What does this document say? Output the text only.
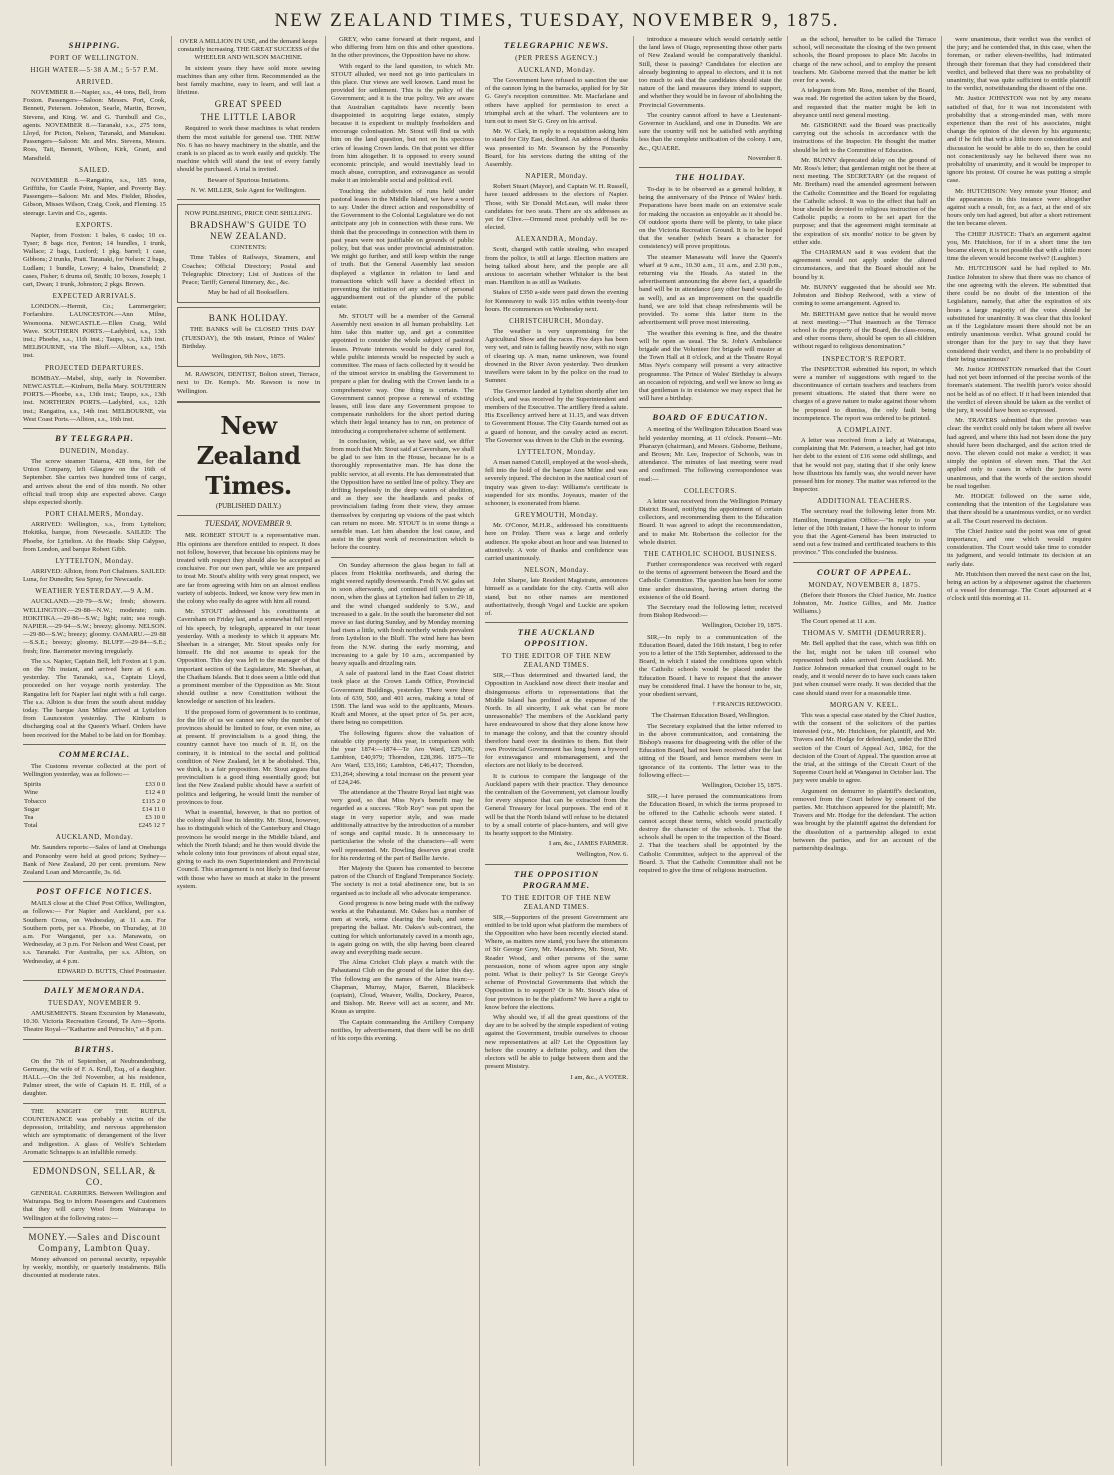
NEW ZEALAND TIMES, TUESDAY, NOVEMBER 9, 1875.
SHIPPING.
PORT OF WELLINGTON.
HIGH WATER—5·38 A.M.; 5·57 P.M.
ARRIVED.

NOVEMBER 8.—Napier, s.s., 44 tons, Bell, from Foxton. Passengers—Saloon: Messrs. Port, Cook, Bennett, Petersen. Johnston, Searle, Martin, Brown, Stevens, and King. W. and G. Turnbull and Co., agents. NOVEMBER 8.—Taranaki, s.s., 275 tons, Lloyd, for Picton, Nelson, Taranaki, and Manukau. Passengers—Saloon: Mr. and Mrs. Stevens, Messrs. Ross, Tait, Bennett, Wilson, Kirk, Grant, and Mansfield.

SAILED.

NOVEMBER 8.—Rangatira, s.s., 185 tons, Griffiths, for Castle Point, Napier, and Poverty Bay. Passengers—Saloon: Mr. and Mrs. Fielder, Rhodes, Gibson, Misses Wilson, Craig, Cook, and Fleming. 15 steerage. Levin and Co., agents.

EXPORTS.

Napier, from Foxton: 1 bales, 6 casks; 10 cs. Tyser; 8 bags rice, Fenton; 14 bundles, 1 trunk, Wallace; 2 bags, Luxford; 1 pkg. barrel; 1 case, Gibbons; 2 trunks, Pratt. Taranaki, for Nelson: 2 bags, Ludlam; 1 bundle, Lowry; 4 bales, Dransfield; 2 cases, Fisher; 6 drums oil, Smith; 10 boxes, Joseph; 1 cart, Dwan; 1 trunk, Johnston; 2 pkgs. Brown.

EXPECTED ARRIVALS.

LONDON.—Hermit, Co.; Lammergeier; Forfarshire. LAUNCESTON.—Ann Milne, Woonoona. NEWCASTLE.—Ellen Craig, Wild Wave. SOUTHERN PORTS.—Ladybird, s.s., 13th inst.; Phoebe, s.s., 11th inst.; Taupo, s.s., 12th inst. MELBOURNE, via The Bluff.—Albion, s.s., 15th inst.

PROJECTED DEPARTURES.

BOMBAY.—Mabel, ship, early in November. NEWCASTLE.—Kinburn, Bella Mary. SOUTHERN PORTS.—Phoebe, s.s., 13th inst.; Taupo, s.s., 13th inst. NORTHERN PORTS.—Ladybird, s.s., 12th inst.; Rangatira, s.s., 14th inst. MELBOURNE, via West Coast Ports.—Albion, s.s., 16th inst.

BY TELEGRAPH.
DUNEDIN, Monday.

The screw steamer Taiaroa, 428 tons, for the Union Company, left Glasgow on the 16th of September. She carries two hundred tons of cargo, and arrives about the end of this month. No other official trail troop ship are expected above. Cargo ships expected shortly.

PORT CHALMERS, Monday.

ARRIVED: Wellington, s.s., from Lyttelton; Hokitika, barque, from Newcastle. SAILED: The Phoebe, for Lyttelton. At the Heads: Ship Calypso, from London, and barque Robert Gibb.

LYTTELTON, Monday.

ARRIVED: Albion, from Port Chalmers. SAILED: Luna, for Dunedin; Sea Spray, for Newcastle.

WEATHER YESTERDAY.—9 A.M.

AUCKLAND.—29·79—S.W.; fresh; showers. WELLINGTON.—29·88—N.W.; moderate; rain. HOKITIKA.—29·86—S.W.; light; rain; sea rough. NAPIER.—29·94—S.W.; breezy; gloomy. NELSON.—29·80—S.W.; breezy; gloomy. OAMARU.—29·88—S.S.E.; breezy; gloomy. BLUFF.—29·84—S.E.; fresh; fine. Barometer moving irregularly.

The s.s. Napier, Captain Bell, left Foxton at 1 p.m. on the 7th instant, and arrived here at 6 a.m. yesterday. The Taranaki, s.s., Captain Lloyd, proceeded on her voyage north yesterday. The Rangatira left for Napier last night with a full cargo. The s.s. Albion is due from the south about midday today. The barque Ann Milne arrived at Lyttelton from Launceston yesterday. The Kinburn is discharging coal at the Queen's Wharf. Orders have been received for the Mabel to be laid on for Bombay.

COMMERCIAL.

The Customs revenue collected at the port of Wellington yesterday, was as follows:—

Spirits	£33 0 0
Wine	£12 4 0
Tobacco	£115 2 0
Sugar	£14 11 0
Tea	£3 10 0
Total	£245 12 7
AUCKLAND, Monday.

Mr. Saunders reports:—Sales of land at Onehunga and Ponsonby were held at good prices; Sydney—Bank of New Zealand, 20 per cent. premium. New Zealand Loan and Mercantile, 3s. 6d.

POST OFFICE NOTICES.

MAILS close at the Chief Post Office, Wellington, as follows:— For Napier and Auckland, per s.s. Southern Cross, on Wednesday, at 11 a.m. For Southern ports, per s.s. Phoebe, on Thursday, at 10 a.m. For Wanganui, per s.s. Manawatu, on Wednesday, at 3 p.m. For Nelson and West Coast, per s.s. Taranaki. For Australia, per s.s. Albion, on Wednesday, at 4 p.m.

EDWARD D. BUTTS, Chief Postmaster.
DAILY MEMORANDA.
TUESDAY, NOVEMBER 9.

AMUSEMENTS. Steam Excursion by Manawatu, 10.30. Victoria Recreation Ground, Te Aro—Sports. Theatre Royal—"Katharine and Petruchio," at 8 p.m.

BIRTHS.

On the 7th of September, at Neubrandenburg, Germany, the wife of F. A. Krull, Esq., of a daughter. HALL.—On the 3rd November, at his residence, Palmer street, the wife of Captain H. E. Hill, of a daughter.

THE KNIGHT OF THE RUEFUL COUNTENANCE was probably a victim of the depression, irritability, and nervous apprehension which are symptomatic of derangement of the liver and indigestion. A glass of Wolfe's Schiedam Aromatic Schnapps is an infallible remedy.

EDMONDSON, SELLAR, & CO.

GENERAL CARRIERS. Between Wellington and Wairarapa. Beg to inform Passengers and Customers that they will carry Wool from Wairarapa to Wellington at the following rates:—

MONEY.—Sales and Discount Company, Lambton Quay.

Money advanced on personal security, repayable by weekly, monthly, or quarterly instalments. Bills discounted at moderate rates.

OVER A MILLION IN USE, and the demand keeps constantly increasing. THE GREAT SUCCESS of the WHEELER AND WILSON MACHINE.

In sixteen years they have sold more sewing machines than any other firm. Recommended as the best family machine, easy to learn, and will last a lifetime.

GREAT SPEED
THE LITTLE LABOR

Required to work these machines is what renders them the most suitable for general use. THE NEW No. 6 has no heavy machinery in the shuttle, and the crank is so placed as to work easily and quickly. The machine which will stand the test of every family should be purchased. A trial is invited.

Beware of Spurious Imitations.
N. W. MILLER, Sole Agent for Wellington.
NOW PUBLISHING, PRICE ONE SHILLING.
BRADSHAW'S GUIDE TO NEW ZEALAND.
CONTENTS:

Time Tables of Railways, Steamers, and Coaches; Official Directory; Postal and Telegraphic Directory; List of Justices of the Peace; Tariff; General Itinerary, &c., &c.

May be had of all Booksellers.
BANK HOLIDAY.

THE BANKS will be CLOSED THIS DAY (TUESDAY), the 9th instant, Prince of Wales' Birthday.

Wellington, 9th Nov., 1875.

M. RAWSON, DENTIST, Bolton street, Terrace, next to Dr. Kemp's. Mr. Rawson is now in Wellington.

New Zealand Times.
(PUBLISHED DAILY.)
TUESDAY, NOVEMBER 9.

MR. ROBERT STOUT is a representative man. His opinions are therefore entitled to respect. It does not follow, however, that because his opinions may be treated with respect they should also be accepted as conclusive. For our own part, while we are prepared to treat Mr. Stout's ability with very great respect, we are far from agreeing with him on an almost endless variety of subjects. Indeed, we know very few men in the colony who really do agree with him all round.

Mr. STOUT addressed his constituents at Caversham on Friday last, and a somewhat full report of his speech, by telegraph, appeared in our issue yesterday. With a modesty to which it appears Mr. Sheehan is a stranger, Mr. Stout speaks only for himself. He did not assume to speak for the Opposition. This day was left to the manager of that important section of the Legislature, Mr. Sheehan, at the Chatham Islands. But it does seem a little odd that a prominent member of the Opposition as Mr. Stout should outline a new Constitution without the knowledge or sanction of his leaders.

If the proposed form of government is to continue, for the life of us we cannot see why the number of provinces should be limited to four, or even nine, as at present. If provincialism is a good thing, the country cannot have too much of it. If, on the contrary, it is inimical to the social and political condition of New Zealand, let it be abolished. This, we think, is a fair proposition. Mr. Stout argues that provincialism is a good thing essentially good; but lest the New Zealand public should have a surfeit of politics and ledgering, he would limit the number of provinces to four.

What is essential, however, is that no portion of the colony shall lose its identity. Mr. Stout, however, has to distinguish which of the Canterbury and Otago provinces he would merge in the Middle Island, and which the North Island; and he then would divide the whole colony into four provinces of about equal size, giving to each its own Superintendent and Provincial Council. This arrangement is not likely to find favour with those who have so much at stake in the present system.

GREY, who came forward at their request, and who differing from him on this and other questions. In the other provinces, the Opposition have no show.

With regard to the land question, to which Mr. STOUT alluded, we need not go into particulars in this place. Our views are well known. Land must be provided for settlement. This is the policy of the Government; and it is the true policy. We are aware that Australian capitalists have recently been disappointed in acquiring large estates, simply because it is expedient to multiply freeholders and encourage colonisation. Mr. Stout will find us with him on the land question, but not on his specious cries of leasing Crown lands. On that point we differ from him altogether. It is opposed to every sound economic principle, and would inevitably lead to much abuse, corruption, and extravagance as would make it an intolerable social and political evil.

Touching the subdivision of runs held under pastoral leases in the Middle Island, we have a word to say. Under the direct action and responsibility of the Government to the Colonial Legislature we do not anticipate any job in connection with these runs. We think that the proceedings in connection with them in past years were not justifiable on grounds of public policy, but that was under provincial administration. We might go further, and still keep within the range of truth. But the General Assembly last session displayed a vigilance in relation to land and transactions which will have a decided effect in preventing the initiation of any scheme of personal aggrandisement out of the plunder of the public estate.

Mr. STOUT will be a member of the General Assembly next session in all human probability. Let him take this matter up, and get a committee appointed to consider the whole subject of pastoral leases. Private interests would be duly cared for, while public interests would be respected by such a committee. The mass of facts collected by it would be of the utmost service in enabling the Government to prepare a plan for dealing with the Crown lands in a comprehensive way. One thing is certain. The Government cannot propose a renewal of existing leases, still less dare any Government propose to compensate runholders for the short period during which their legal tenancy has to run, on pretence of introducing a comprehensive scheme of settlement.

In conclusion, while, as we have said, we differ from much that Mr. Stout said at Caversham, we shall be glad to see him in the House, because he is a thoroughly representative man. He has done the public service, at all events. He has demonstrated that the Opposition have no settled line of policy. They are drifting hopelessly in the deep waters of abolition, and as they see the headlands and peaks of provincialism fading from their view, they amuse themselves by conjuring up visions of the past which can return no more. Mr. STOUT is in some things a sensible man. Let him abandon the lost cause, and assist in the great work of reconstruction which is before the country.

On Sunday afternoon the glass began to fall at places from Hokitika northwards, and during the night veered rapidly downwards. Fresh N.W. gales set in soon afterwards, and continued till yesterday at noon, when the glass at Lyttelton had fallen to 29·18, and the wind changed suddenly to S.W., and increased to a gale. In the south the barometer did not move so fast during Sunday, and by Monday morning had risen a little, with fresh northerly winds prevalent from Lyttelton to the Bluff. The wind here has been from the N.W. during the early morning, and increasing to a gale by 10 a.m., accompanied by heavy squalls and drizzling rain.

A sale of pastoral land in the East Coast district took place at the Crown Lands Office, Provincial Government Buildings, yesterday. There were three lots of 639, 500, and 401 acres, making a total of 1598. The land was sold to the applicants, Messrs. Kraft and Moore, at the upset price of 5s. per acre, there being no competition.

The following figures show the valuation of rateable city property this year, in comparison with the year 1874:—1874—Te Aro Ward, £29,306; Lambton, £40,979; Thorndon, £28,396. 1875—Te Aro Ward, £33,166; Lambton, £46,417; Thorndon, £31,264; showing a total increase on the present year of £24,246.

The attendance at the Theatre Royal last night was very good, so that Miss Nye's benefit may be regarded as a success. "Rob Roy" was put upon the stage in very superior style, and was made additionally attractive by the introduction of a number of songs and capital music. It is unnecessary to particularise the whole of the characters—all were well represented. Mr. Dowling deserves great credit for his rendering of the part of Baillie Jarvie.

Her Majesty the Queen has consented to become patron of the Church of England Temperance Society. The society is not a total abstinence one, but is so organised as to include all who advocate temperance.

Good progress is now being made with the railway works at the Pahautanui. Mr. Oakes has a number of men at work, some clearing the bush, and some preparing the ballast. Mr. Oakes's sub-contract, the cutting for which unfortunately caved in a month ago, is again going on with, the slip having been cleared away and everything made secure.

The Alma Cricket Club plays a match with the Pahautanui Club on the ground of the latter this day. The following are the names of the Alma team:—Chapman, Murray, Major, Barrett, Blackbeck (captain), Cloud, Weaver, Wallis, Dockery, Pearce, and Bishop. Mr. Reeve will act as scorer, and Mr. Kraus as umpire.

The Captain commanding the Artillery Company notifies, by advertisement, that there will be no drill of his corps this evening.

TELEGRAPHIC NEWS.
(PER PRESS AGENCY.)
AUCKLAND, Monday.

The Government have refused to sanction the use of the cannon lying in the barracks, applied for by Sir G. Grey's reception committee. Mr. Macfarlane and others have applied for permission to erect a triumphal arch at the wharf. The volunteers are to turn out to meet Sir G. Grey on his arrival.

Mr. W. Clark, in reply to a requisition asking him to stand for City East, declined. An address of thanks was presented to Mr. Swanson by the Ponsonby Board, for his services during the sitting of the Assembly.

NAPIER, Monday.

Robert Stuart (Mayor), and Captain W. H. Russell, have issued addresses to the electors of Napier. Those, with Sir Donald McLean, will make three candidates for two seats. There are six addresses as yet for Clive.—Ormond most probably will be re-elected.

ALEXANDRA, Monday.

Scott, charged with cattle stealing, who escaped from the police, is still at large. Election matters are being talked about here, and the people are all anxious to ascertain whether Whitaker is the best man. Hamilton is as still as Waikato.

Stakes of £350 a-side were paid down the evening for Kenneavey to walk 115 miles within twenty-four hours. He commences on Wednesday next.

CHRISTCHURCH, Monday.

The weather is very unpromising for the Agricultural Show and the races. Five days has been very wet, and rain is falling heavily now, with no sign of clearing up. A man, name unknown, was found drowned in the River Avon yesterday. Two drunken travellers were taken in by the police on the road to Sumner.

The Governor landed at Lyttelton shortly after ten o'clock, and was received by the Superintendent and members of the Executive. The artillery fired a salute. His Excellency arrived here at 11.15, and was driven to Government House. The City Guards turned out as a guard of honour, and the cavalry acted as escort. The Governor was driven to the Club in the evening.

LYTTELTON, Monday.

A man named Cutcill, employed at the wool-sheds, fell into the hold of the barque Ann Milne and was severely injured. The decision in the nautical court of inquiry was given to-day: Williams's certificate is suspended for six months. Joyeaux, master of the schooner, is exonerated from blame.

GREYMOUTH, Monday.

Mr. O'Conor, M.H.R., addressed his constituents here on Friday. There was a large and orderly audience. He spoke about an hour and was listened to attentively. A vote of thanks and confidence was carried unanimously.

NELSON, Monday.

John Sharpe, late Resident Magistrate, announces himself as a candidate for the city. Curtis will also stand, but no other names are mentioned authoritatively, though Vogel and Luckie are spoken of.

THE AUCKLAND OPPOSITION.
TO THE EDITOR OF THE NEW ZEALAND TIMES.

SIR,—Thus determined and thwarted land, the Opposition in Auckland now direct their insular and disingenuous efforts to representations that the Middle Island has profited at the expense of the North. In all sincerity, I ask what can be more unreasonable? The members of the Auckland party have endeavoured to show that they alone know how to manage the colony, and that the country should therefore hand over its destinies to them. But their own Provincial Government has long been a byword for extravagance and mismanagement, and the electors are not likely to be deceived.

It is curious to compare the language of the Auckland papers with their practice. They denounce the centralism of the Government, yet clamour loudly for every sixpence that can be extracted from the General Treasury for local purposes. The end of it will be that the North Island will refuse to be dictated to by a small coterie of place-hunters, and will give its hearty support to the Ministry.

I am, &c., JAMES FARMER.
Wellington, Nov. 6.
THE OPPOSITION PROGRAMME.
TO THE EDITOR OF THE NEW ZEALAND TIMES.

SIR,—Supporters of the present Government are entitled to be told upon what platform the members of the Opposition who have been recently elected stand. Where, as matters now stand, you have the utterances of Sir George Grey, Mr. Macandrew, Mr. Stout, Mr. Reader Wood, and other persons of the same persuasion, none of whom agree upon any single point. What is their policy? Is Sir George Grey's scheme of Provincial Governments that which the Opposition is to support? Or is Mr. Stout's idea of four provinces to be the platform? We have a right to know before the elections.

Why should we, if all the great questions of the day are to be solved by the simple expedient of voting against the Government, trouble ourselves to choose new representatives at all? Let the Opposition lay before the country a definite policy, and then the electors will be able to judge between them and the present Ministry.

I am, &c., A VOTER.

introduce a measure which would certainly settle the land laws of Otago, representing those other parts of New Zealand would be comparatively thankful. Still, these is passing? Candidates for election are already beginning to appeal to electors, and it is not too much to ask that the candidates should state the nature of the land measures they intend to support, and whether they would be in favour of abolishing the Provincial Governments.

The country cannot afford to have a Lieutenant-Governor in Auckland, and one in Dunedin. We are sure the country will not be satisfied with anything less than the complete unification of the colony. I am, &c., QUAERE.

November 8.
THE HOLIDAY.

To-day is to be observed as a general holiday, it being the anniversary of the Prince of Wales' birth. Preparations have been made on an extensive scale for making the occasion as enjoyable as it should be. Of outdoor sports there will be plenty, to take place on the Victoria Recreation Ground. It is to be hoped that the weather (which bears a character for consistency) will prove propitious.

The steamer Manawatu will leave the Queen's wharf at 9 a.m., 10.30 a.m., 11 a.m., and 2.30 p.m., returning via the Heads. As stated in the advertisement announcing the above fact, a quadrille band will be in attendance (any other band would do as well), and as an improvement on the quadrille band, we are told that cheap refreshments will be provided. To some this latter item in the advertisement will prove most interesting.

The weather this evening is fine, and the theatre will be open as usual. The St. John's Ambulance brigade and the Volunteer fire brigade will muster at the Town Hall at 8 o'clock, and at the Theatre Royal Miss Nye's company will present a very attractive programme. The Prince of Wales' Birthday is always an occasion of rejoicing, and well we know so long as that gentleman is in existence we may expect that he will have a birthday.

BOARD OF EDUCATION.

A meeting of the Wellington Education Board was held yesterday morning, at 11 o'clock. Present—Mr. Pharazyn (chairman), and Messrs. Gisborne, Bethune, and Brown; Mr. Lee, Inspector of Schools, was in attendance. The minutes of last meeting were read and confirmed. The following correspondence was read:—

COLLECTORS.

A letter was received from the Wellington Primary District Board, notifying the appointment of certain collectors, and recommending them to the Education Board. It was agreed to adopt the recommendation, and to make Mr. Robertson the collector for the whole district.

THE CATHOLIC SCHOOL BUSINESS.

Further correspondence was received with regard to the terms of agreement between the Board and the Catholic Committee. The question has been for some time under discussion, having arisen during the existence of the old Board.

The Secretary read the following letter, received from Bishop Redwood:—

Wellington, October 19, 1875.

SIR,—In reply to a communication of the Education Board, dated the 16th instant, I beg to refer you to a letter of the 15th September, addressed to the Board, in which I stated the conditions upon which the Catholic schools would be placed under the Education Board. I have to request that the answer may be considered final. I have the honour to be, sir, your obedient servant,

† FRANCIS REDWOOD.
The Chairman Education Board, Wellington.

The Secretary explained that the letter referred to in the above communication, and containing the Bishop's reasons for disagreeing with the offer of the Education Board, had not been received after the last sitting of the Board, and hence members were in ignorance of its contents. The letter was to the following effect:—

Wellington, October 15, 1875.

SIR,—I have perused the communications from the Education Board, in which the terms proposed to be offered to the Catholic schools were stated. I cannot accept these terms, which would practically destroy the character of the schools. 1. That the schools shall be open to the inspection of the Board. 2. That the teachers shall be appointed by the Catholic Committee, subject to the approval of the Board. 3. That the Catholic Committee shall not be required to give the time of religious instruction.

as the school, hereafter to be called the Terrace school, will necessitate the closing of the two present schools, the Board proposes to place Mr. Jacobs in charge of the new school, and to employ the present teachers. Mr. Gisborne moved that the matter be left over for a week.

A telegram from Mr. Ross, member of the Board, was read. He regretted the action taken by the Board, and requested that the matter might be left in abeyance until next general meeting.

Mr. GISBORNE said the Board was practically carrying out the schools in accordance with the instructions of the Inspector. He thought the matter should be left to the Committee of Education.

Mr. BUNNY deprecated delay on the ground of Mr. Ross's letter; that gentleman might not be there at next meeting. The SECRETARY (at the request of Mr. Bretham) read the amended agreement between the Catholic Committee and the Board for regulating the Catholic school. It was to the effect that half an hour should be devoted to religious instruction of the Catholic pupils; a room to be set apart for the purpose; and that the agreement might terminate at the expiration of six months' notice to be given by either side.

The CHAIRMAN said it was evident that the agreement would not apply under the altered circumstances, and that the Board should not be bound by it.

Mr. BUNNY suggested that he should see Mr. Johnston and Bishop Redwood, with a view of coming to some arrangement. Agreed to.

Mr. BRETHAM gave notice that he would move at next meeting:—"That inasmuch as the Terrace school is the property of the Board, the class-rooms, and other rooms there, should be open to all children without regard to religious denomination."

INSPECTOR'S REPORT.

The INSPECTOR submitted his report, in which were a number of suggestions with regard to the discontinuance of certain teachers and teachers from present situations. He stated that there were no charges of a grave nature to make against those whom he proposed to dismiss, the only fault being incompetence. The report was ordered to be printed.

A COMPLAINT.

A letter was received from a lady at Wairarapa, complaining that Mr. Paterson, a teacher, had got into her debt to the extent of £16 some odd shillings, and that he would not pay, stating that if she only knew how illustrious his family was, she would never have pressed him for money. The matter was referred to the Inspector.

ADDITIONAL TEACHERS.

The secretary read the following letter from Mr. Hamilton, Immigration Office:—"In reply to your letter of the 10th instant, I have the honour to inform you that the Agent-General has been instructed to send out a few trained and certificated teachers to this province." This concluded the business.

COURT OF APPEAL.
MONDAY, NOVEMBER 8, 1875.

(Before their Honors the Chief Justice, Mr. Justice Johnston, Mr. Justice Gillies, and Mr. Justice Williams.)

The Court opened at 11 a.m.

THOMAS V. SMITH (DEMURRER).

Mr. Bell applied that the case, which was fifth on the list, might not be taken till counsel who represented both sides arrived from Auckland. Mr. Justice Johnston remarked that counsel ought to be ready, and it would never do to have such cases taken just when counsel were ready. It was decided that the case should stand over for a reasonable time.

MORGAN V. KEEL.

This was a special case stated by the Chief Justice, with the consent of the solicitors of the parties interested (viz., Mr. Hutchison, for plaintiff, and Mr. Travers and Mr. Hodge for defendant), under the 83rd section of the Court of Appeal Act, 1862, for the decision of the Court of Appeal. The question arose at the trial, at the sittings of the Circuit Court of the Supreme Court held at Wanganui in October last. The jury were unable to agree.

Argument on demurrer to plaintiff's declaration, removed from the Court below by consent of the parties. Mr. Hutchison appeared for the plaintiff; Mr. Travers and Mr. Hodge for the defendant. The action was brought by the plaintiff against the defendant for the dissolution of a partnership alleged to exist between the parties, and for an account of the partnership dealings.

were unanimous, their verdict was the verdict of the jury; and he contended that, in this case, when the foreman, or rather eleven-twelfths, had intimated through their foreman that they had considered their verdict, and believed that there was no probability of unanimity, that was quite sufficient to entitle plaintiff to the verdict, notwithstanding the dissent of the one.

Mr. Justice JOHNSTON was not by any means satisfied of that, for it was not inconsistent with probability that a strong-minded man, with more experience than the rest of his associates, might change the opinion of the eleven by his arguments; and if he felt that with a little more consideration and discussion he would be able to do so, then he could not conscientiously say he believed there was no probability of unanimity, and it would be improper to ignore his protest. Of course he was putting a simple case.

Mr. HUTCHISON: Very remote your Honor; and the appearances in this instance were altogether against such a result, for, as a fact, at the end of six hours only ten had agreed, but after a short retirement the ten became eleven.

The CHIEF JUSTICE: That's an argument against you, Mr. Hutchison, for if in a short time the ten became eleven, it is not possible that with a little more time the eleven would become twelve? (Laughter.)

Mr. HUTCHISON said he had replied to Mr. Justice Johnston to show that there was no chance of the one agreeing with the eleven. He submitted that there could be no doubt of the intention of the Legislature, namely, that after the expiration of six hours a large majority of the votes should be substituted for unanimity. It was clear that this looked as if the Legislature meant there should not be an entirely unanimous verdict. What ground could be stronger than for the jury to say that they have considered their verdict, and there is no probability of their being unanimous?

Mr. Justice JOHNSTON remarked that the Court had not yet been informed of the precise words of the foreman's statement. The twelfth juror's voice should not be held as of no effect. If it had been intended that the verdict of eleven should be taken as the verdict of the jury, it would have been so expressed.

Mr. TRAVERS submitted that the proviso was clear: the verdict could only be taken where all twelve had agreed, and where this had not been done the jury should have been discharged, and the action tried de novo. The eleven could not make a verdict; it was simply the opinion of eleven men. That the Act applied only to cases in which the jurors were unanimous, and that the words of the section should be read together.

Mr. HODGE followed on the same side, contending that the intention of the Legislature was that there should be a unanimous verdict, or no verdict at all. The Court reserved its decision.

The Chief Justice said the point was one of great importance, and one which would require consideration. The Court would take time to consider its judgment, and would intimate its decision at an early date.

Mr. Hutchison then moved the next case on the list, being an action by a shipowner against the charterers of a vessel for demurrage. The Court adjourned at 4 o'clock until this morning at 11.
